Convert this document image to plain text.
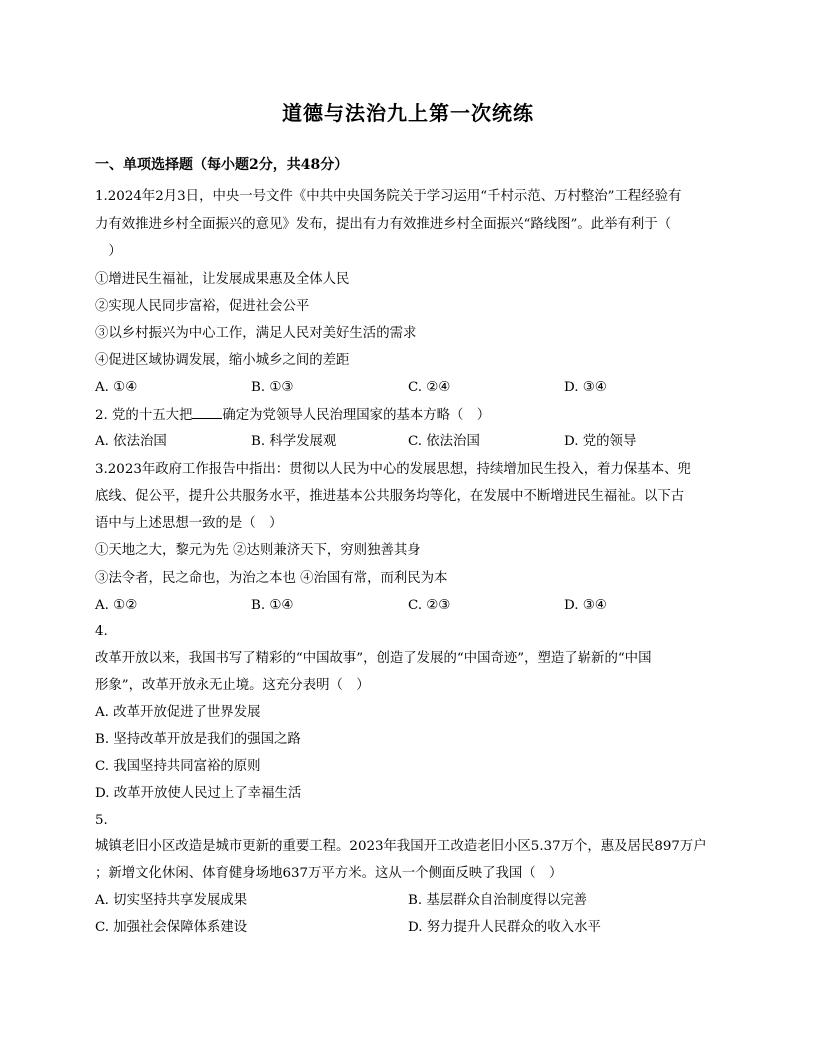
道德与法治九上第一次统练
一、单项选择题（每小题2分，共48分）
1.2024年2月3日，中央一号文件《中共中央国务院关于学习运用“千村示范、万村整治”工程经验有
力有效推进乡村全面振兴的意见》发布，提出有力有效推进乡村全面振兴“路线图”。此举有利于（
　）
①增进民生福祉，让发展成果惠及全体人民
②实现人民同步富裕，促进社会公平
③以乡村振兴为中心工作，满足人民对美好生活的需求
④促进区域协调发展，缩小城乡之间的差距
A. ①④	B. ①③	C. ②④	D. ③④
2. 党的十五大把 确定为党领导人民治理国家的基本方略（　）
A. 依法治国	B. 科学发展观	C. 依法治国	D. 党的领导
3.2023年政府工作报告中指出：贯彻以人民为中心的发展思想，持续增加民生投入，着力保基本、兜
底线、促公平，提升公共服务水平，推进基本公共服务均等化，在发展中不断增进民生福祉。以下古
语中与上述思想一致的是（　）
①天地之大，黎元为先 ②达则兼济天下，穷则独善其身
③法令者，民之命也，为治之本也 ④治国有常，而利民为本
A. ①②	B. ①④	C. ②③	D. ③④
4.
改革开放以来，我国书写了精彩的“中国故事”，创造了发展的“中国奇迹”，塑造了崭新的“中国
形象”，改革开放永无止境。这充分表明（　）
A. 改革开放促进了世界发展
B. 坚持改革开放是我们的强国之路
C. 我国坚持共同富裕的原则
D. 改革开放使人民过上了幸福生活
5.
城镇老旧小区改造是城市更新的重要工程。2023年我国开工改造老旧小区5.37万个，惠及居民897万户
；新增文化休闲、体育健身场地637万平方米。这从一个侧面反映了我国（　）
A. 切实坚持共享发展成果	B. 基层群众自治制度得以完善
C. 加强社会保障体系建设	D. 努力提升人民群众的收入水平
